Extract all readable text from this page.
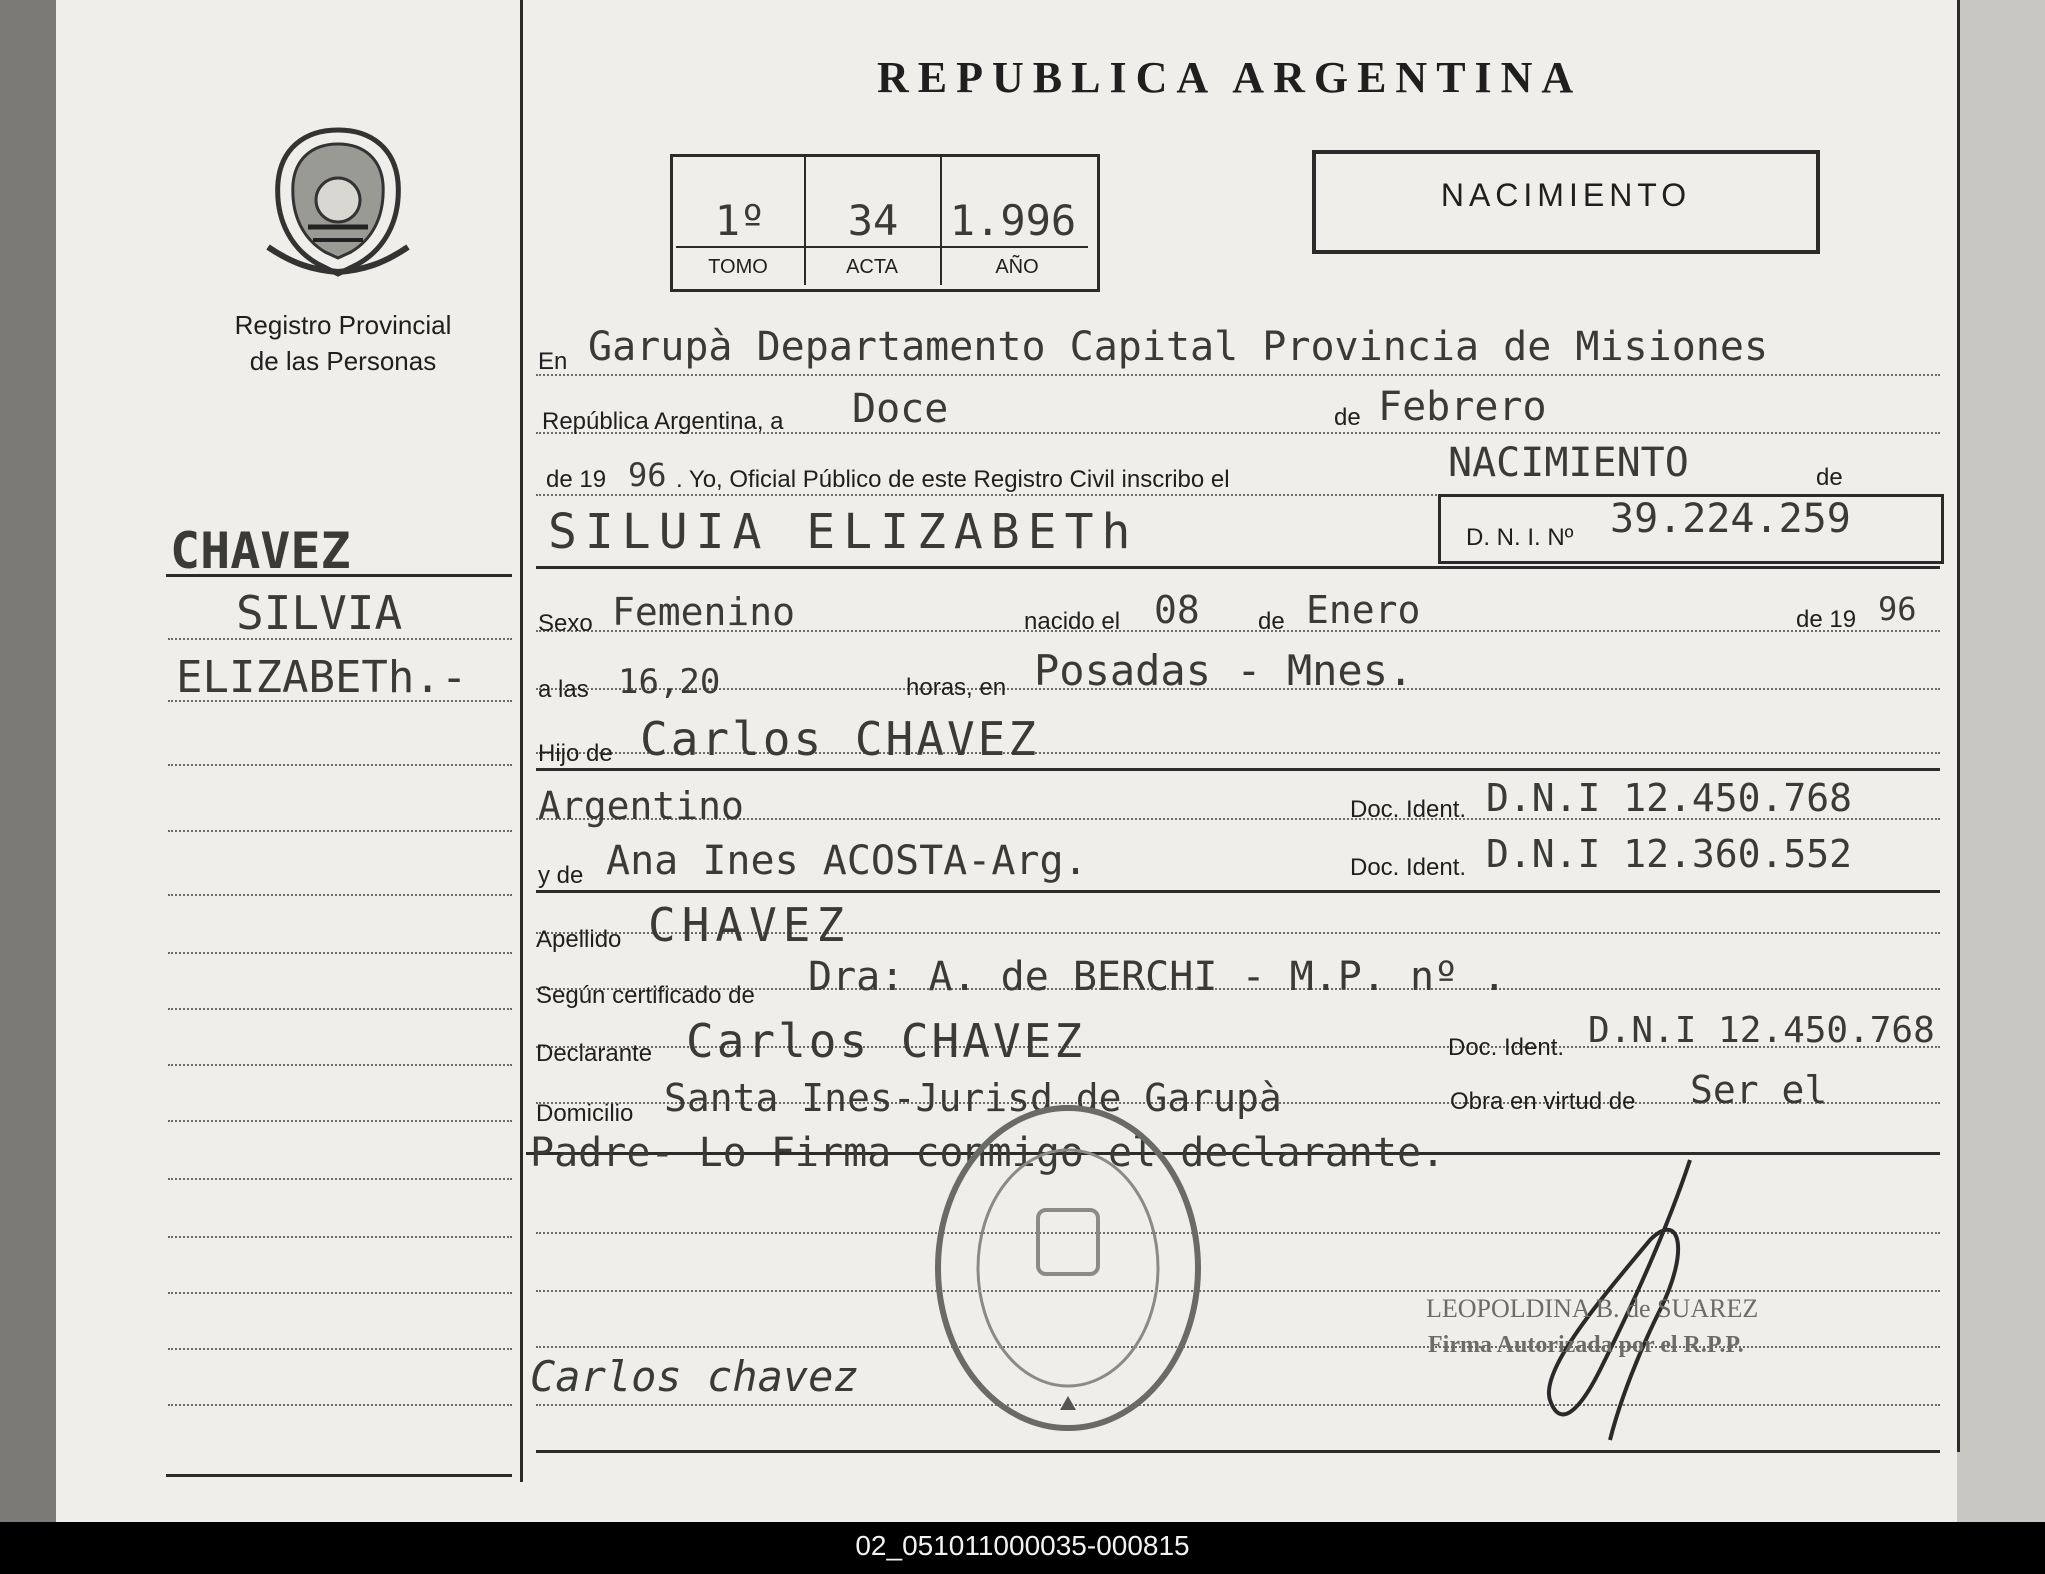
REPUBLICA ARGENTINA
NACIMIENTO
Registro Provincial
de las Personas
1º	34	1.996
TOMO	ACTA	AÑO
CHAVEZ
SILVIA
ELIZABETh.-
En Garupà Departamento Capital Provincia de Misiones
República Argentina, a Doce	de Febrero
de 19 96 . Yo, Oficial Público de este Registro Civil inscribo el	NACIMIENTO	de
SILUIA ELIZABETh	D. N. I. Nº 39.224.259
Sexo Femenino	nacido el 08 de Enero	de 19 96
a las 16,20	horas, en Posadas - Mnes.
Hijo de Carlos CHAVEZ
Argentino	Doc. Ident. D.N.I 12.450.768
y de Ana Ines ACOSTA-Arg.	Doc. Ident. D.N.I 12.360.552
Apellido CHAVEZ
Según certificado de Dra: A. de BERCHI - M.P. nº .
Declarante Carlos CHAVEZ	Doc. Ident. D.N.I 12.450.768
Domicilio Santa Ines-Jurisd.de Garupà	Obra en virtud de Ser el
Padre- Lo Firma conmigo el declarante.
LEOPOLDINA B. de SUAREZ
Firma Autorizada por el R.P.P.
Carlos chavez
02_051011000035-000815
